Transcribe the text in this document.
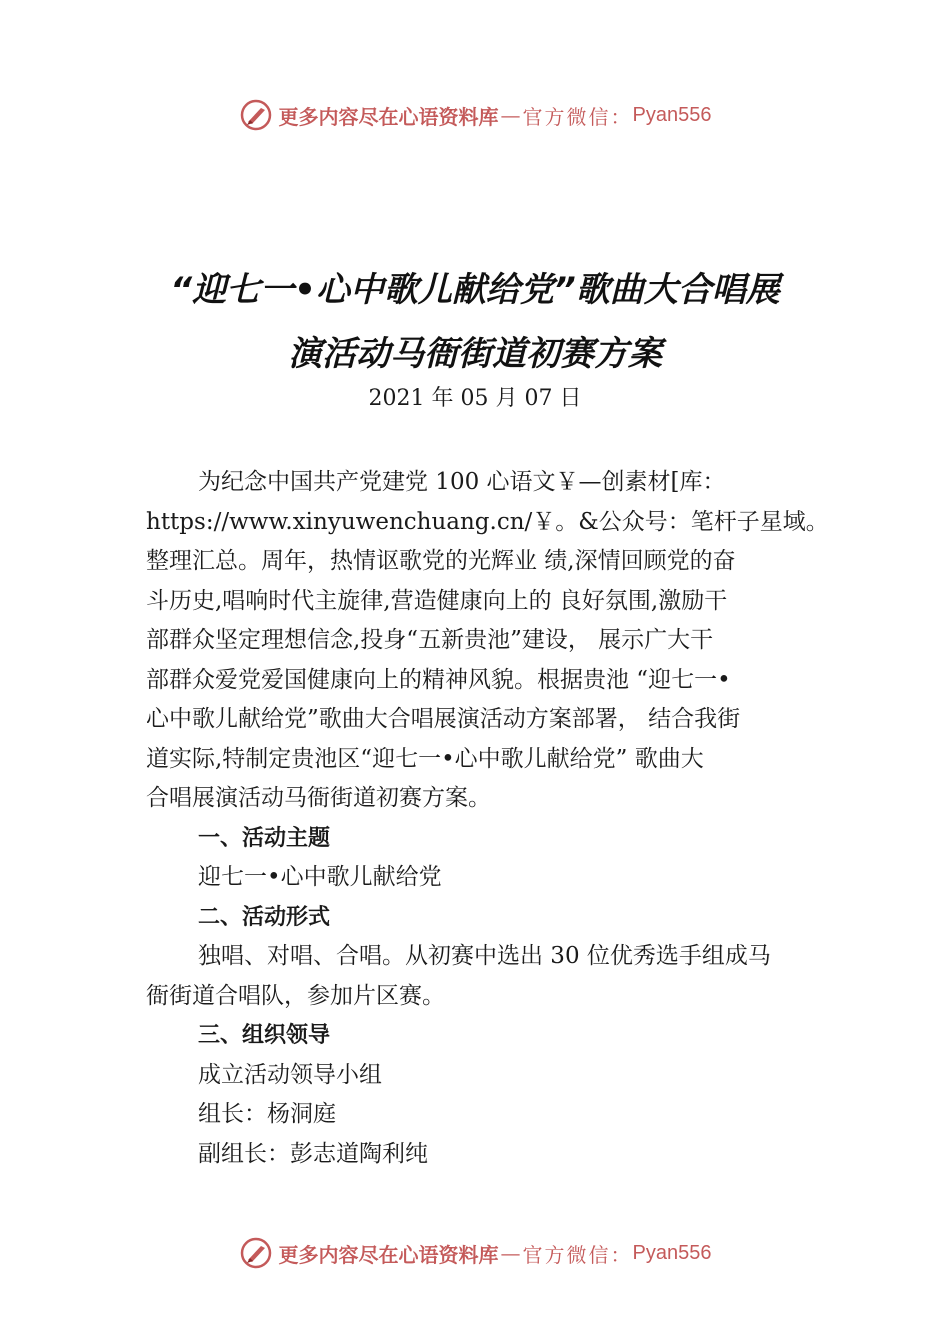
更多内容尽在心语资料库 — 官方微信： Pyan556
“迎七一•心中歌儿献给党”歌曲大合唱展
演活动马衙街道初赛方案
2021 年 05 月 07 日
为纪念中国共产党建党 100 心语文￥—创素材[库：
https://www.xinyuwenchuang.cn/￥。&公众号：笔杆子星域。
整理汇总。周年，热情讴歌党的光辉业 绩,深情回顾党的奋
斗历史,唱响时代主旋律,营造健康向上的 良好氛围,激励干
部群众坚定理想信念,投身“五新贵池”建设， 展示广大干
部群众爱党爱国健康向上的精神风貌。根据贵池 “迎七一•
心中歌儿献给党”歌曲大合唱展演活动方案部署， 结合我街
道实际,特制定贵池区“迎七一•心中歌儿献给党” 歌曲大
合唱展演活动马衙街道初赛方案。
一、活动主题
迎七一•心中歌儿献给党
二、活动形式
独唱、对唱、合唱。从初赛中选出 30 位优秀选手组成马
衙街道合唱队，参加片区赛。
三、组织领导
成立活动领导小组
组长：杨洞庭
副组长：彭志道陶利纯
更多内容尽在心语资料库 — 官方微信： Pyan556
